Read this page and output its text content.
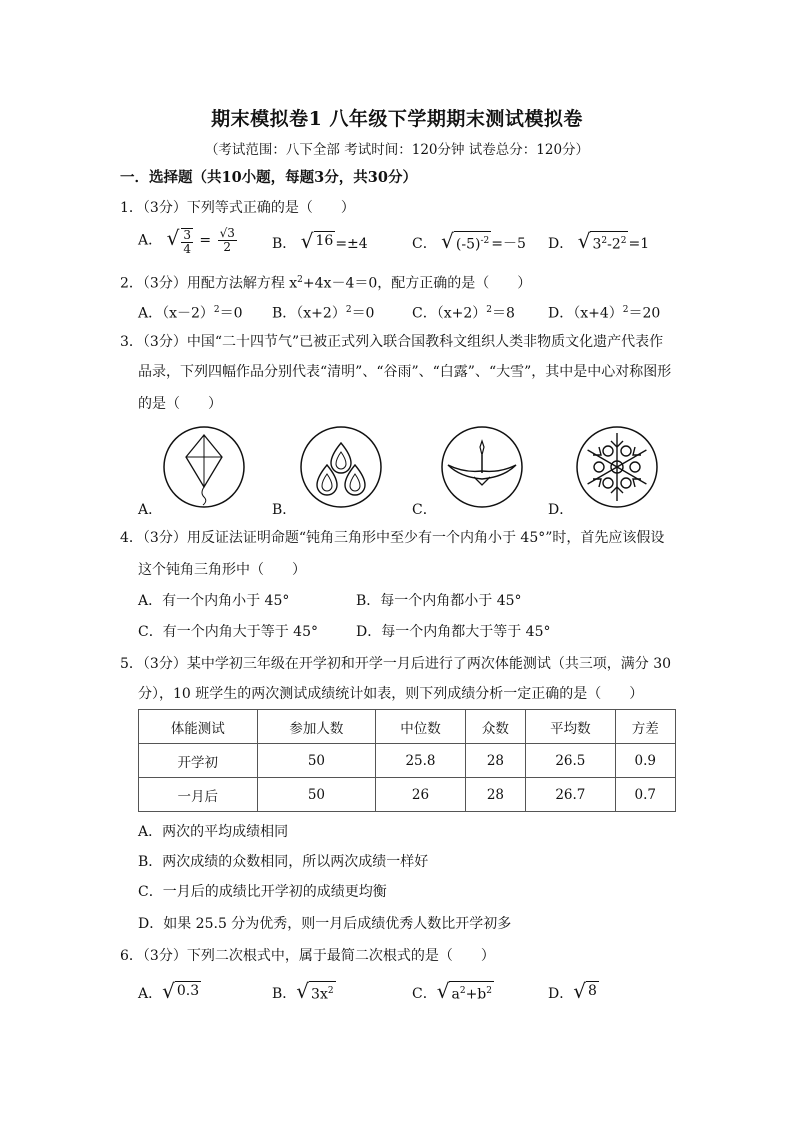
期末模拟卷1 八年级下学期期末测试模拟卷
（考试范围：八下全部 考试时间：120分钟 试卷总分：120分）
一．选择题（共10小题，每题3分，共30分）
1．（3分）下列等式正确的是（　　）
A． √ $\frac{3}{4} = \frac{√3}{2}$	B． √ 16 =±4	C． √ $(-5)^{-2} =-5$ D． √ $3^2-2^2 =1$
2．（3分）用配方法解方程 $x^2+4x-4=0$，配方正确的是（　　）
A．$(x-2)^2=0$ B．$(x+2)^2=0$	C．$(x+2)^2=8$ D．$(x+4)^2=20$
3．（3分）中国“二十四节气”已被正式列入联合国教科文组织人类非物质文化遗产代表作
品录，下列四幅作品分别代表“清明”、“谷雨”、“白露”、“大雪”，其中是中心对称图形
的是（　　）
A．	B．	C．	D．
4．（3分）用反证法证明命题“钝角三角形中至少有一个内角小于 45°”时，首先应该假设
这个钝角三角形中（　　）
A．有一个内角小于 45°	B．每一个内角都小于 45°
C．有一个内角大于等于 45°	D．每一个内角都大于等于 45°
5．（3分）某中学初三年级在开学初和开学一月后进行了两次体能测试（共三项，满分 30
分），10 班学生的两次测试成绩统计如表，则下列成绩分析一定正确的是（　　）
体能测试	参加人数	中位数	众数	平均数	方差
开学初	50	25.8	28	26.5	0.9
一月后	50	26	28	26.7	0.7
A．两次的平均成绩相同
B．两次成绩的众数相同，所以两次成绩一样好
C．一月后的成绩比开学初的成绩更均衡
D．如果 25.5 分为优秀，则一月后成绩优秀人数比开学初多
6．（3分）下列二次根式中，属于最简二次根式的是（　　）
A． √ 0.3	B． √ $3x^2$	C． √ $a^2+b^2$	D． √ 8
